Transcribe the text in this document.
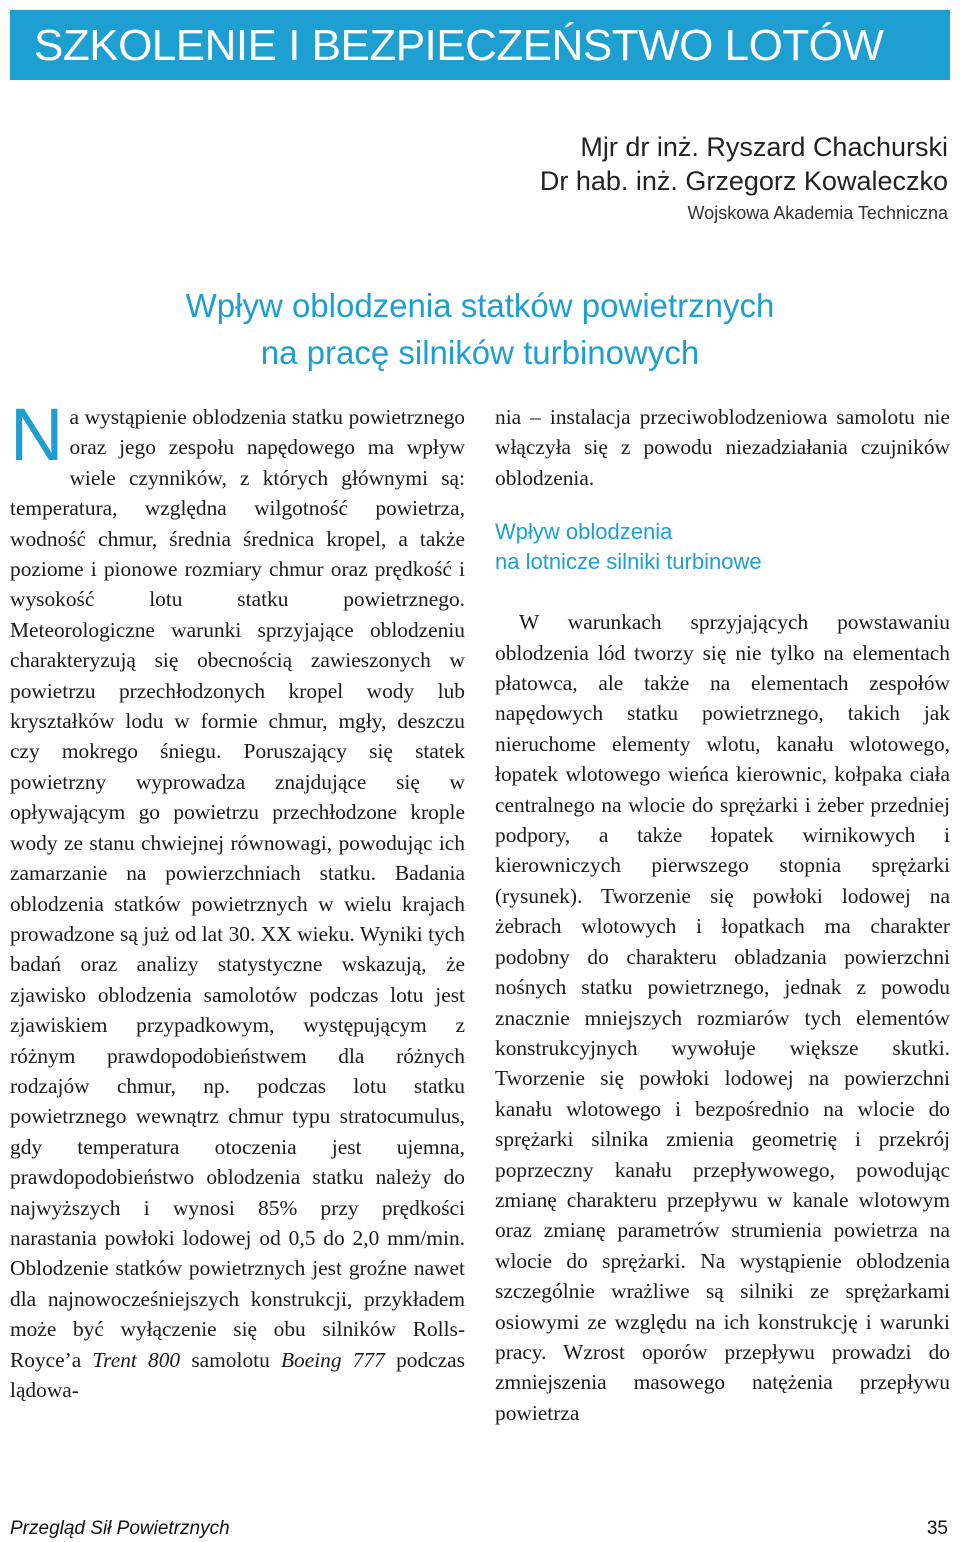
SZKOLENIE I BEZPIECZEŃSTWO LOTÓW
Mjr dr inż. Ryszard Chachurski
Dr hab. inż. Grzegorz Kowaleczko
Wojskowa Akademia Techniczna
Wpływ oblodzenia statków powietrznych
na pracę silników turbinowych

Na wystąpienie oblodzenia statku powietrznego oraz jego zespołu napędowego ma wpływ wiele czynników, z których głównymi są: temperatura, względna wilgotność powietrza, wodność chmur, średnia średnica kropel, a także poziome i pionowe rozmiary chmur oraz prędkość i wysokość lotu statku powietrznego. Meteorologiczne warunki sprzyjające oblodzeniu charakteryzują się obecnością zawieszonych w powietrzu przechłodzonych kropel wody lub kryształków lodu w formie chmur, mgły, deszczu czy mokrego śniegu. Poruszający się statek powietrzny wyprowadza znajdujące się w opływającym go powietrzu przechłodzone krople wody ze stanu chwiejnej równowagi, powodując ich zamarzanie na powierzchniach statku. Badania oblodzenia statków powietrznych w wielu krajach prowadzone są już od lat 30. XX wieku. Wyniki tych badań oraz analizy statystyczne wskazują, że zjawisko oblodzenia samolotów podczas lotu jest zjawiskiem przypadkowym, występującym z różnym prawdopodobieństwem dla różnych rodzajów chmur, np. podczas lotu statku powietrznego wewnątrz chmur typu stratocumulus, gdy temperatura otoczenia jest ujemna, prawdopodobieństwo oblodzenia statku należy do najwyższych i wynosi 85% przy prędkości narastania powłoki lodowej od 0,5 do 2,0 mm/min. Oblodzenie statków powietrznych jest groźne nawet dla najnowocześniejszych konstrukcji, przykładem może być wyłączenie się obu silników Rolls-Royce’a Trent 800 samolotu Boeing 777 podczas lądowa-

nia – instalacja przeciwoblodzeniowa samolotu nie włączyła się z powodu niezadziałania czujników oblodzenia.

Wpływ oblodzenia
na lotnicze silniki turbinowe

W warunkach sprzyjających powstawaniu oblodzenia lód tworzy się nie tylko na elementach płatowca, ale także na elementach zespołów napędowych statku powietrznego, takich jak nieruchome elementy wlotu, kanału wlotowego, łopatek wlotowego wieńca kierownic, kołpaka ciała centralnego na wlocie do sprężarki i żeber przedniej podpory, a także łopatek wirnikowych i kierowniczych pierwszego stopnia sprężarki (rysunek). Tworzenie się powłoki lodowej na żebrach wlotowych i łopatkach ma charakter podobny do charakteru obladzania powierzchni nośnych statku powietrznego, jednak z powodu znacznie mniejszych rozmiarów tych elementów konstrukcyjnych wywołuje większe skutki. Tworzenie się powłoki lodowej na powierzchni kanału wlotowego i bezpośrednio na wlocie do sprężarki silnika zmienia geometrię i przekrój poprzeczny kanału przepływowego, powodując zmianę charakteru przepływu w kanale wlotowym oraz zmianę parametrów strumienia powietrza na wlocie do sprężarki. Na wystąpienie oblodzenia szczególnie wrażliwe są silniki ze sprężarkami osiowymi ze względu na ich konstrukcję i warunki pracy. Wzrost oporów przepływu prowadzi do zmniejszenia masowego natężenia przepływu powietrza

Przegląd Sił Powietrznych	35
